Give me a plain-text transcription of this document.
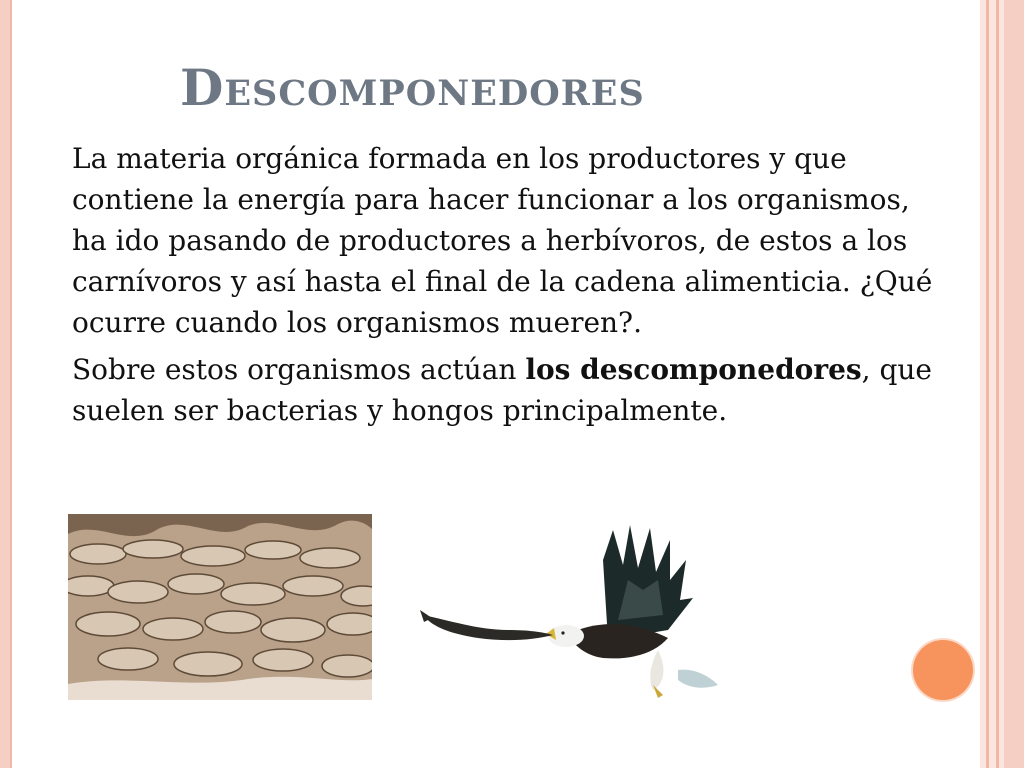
Descomponedores

La materia orgánica formada en los productores y que contiene la energía para hacer funcionar a los organismos, ha ido pasando de productores a herbívoros, de estos a los carnívoros y así hasta el final de la cadena alimenticia. ¿Qué ocurre cuando los organismos mueren?.

Sobre estos organismos actúan los descomponedores, que suelen ser bacterias y hongos principalmente.
